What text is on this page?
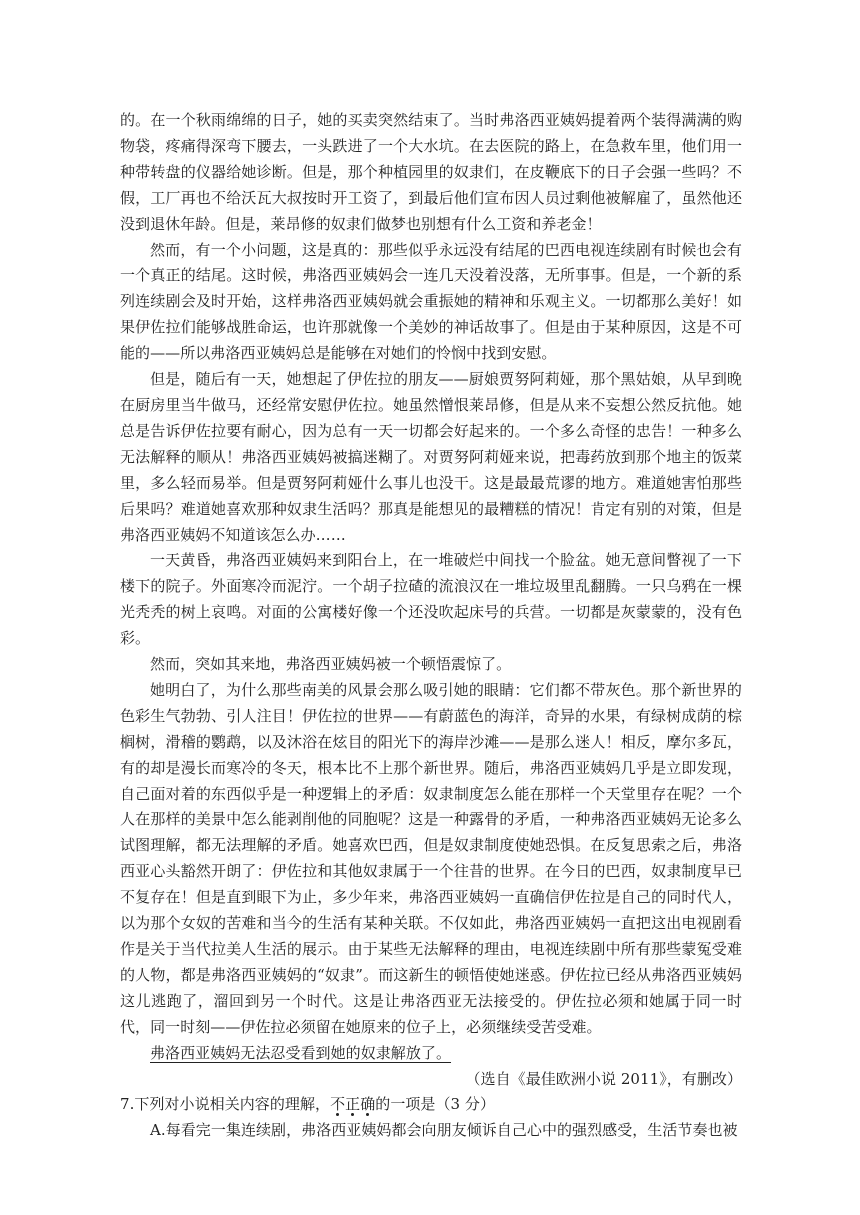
的。在一个秋雨绵绵的日子，她的买卖突然结束了。当时弗洛西亚姨妈提着两个装得满满的购物袋，疼痛得深弯下腰去，一头跌进了一个大水坑。在去医院的路上，在急救车里，他们用一种带转盘的仪器给她诊断。但是，那个种植园里的奴隶们，在皮鞭底下的日子会强一些吗？不假，工厂再也不给沃瓦大叔按时开工资了，到最后他们宣布因人员过剩他被解雇了，虽然他还没到退休年龄。但是，莱昂修的奴隶们做梦也别想有什么工资和养老金！

然而，有一个小问题，这是真的：那些似乎永远没有结尾的巴西电视连续剧有时候也会有一个真正的结尾。这时候，弗洛西亚姨妈会一连几天没着没落，无所事事。但是，一个新的系列连续剧会及时开始，这样弗洛西亚姨妈就会重振她的精神和乐观主义。一切都那么美好！如果伊佐拉们能够战胜命运，也许那就像一个美妙的神话故事了。但是由于某种原因，这是不可能的——所以弗洛西亚姨妈总是能够在对她们的怜悯中找到安慰。

但是，随后有一天，她想起了伊佐拉的朋友——厨娘贾努阿莉娅，那个黑姑娘，从早到晚在厨房里当牛做马，还经常安慰伊佐拉。她虽然憎恨莱昂修，但是从来不妄想公然反抗他。她总是告诉伊佐拉要有耐心，因为总有一天一切都会好起来的。一个多么奇怪的忠告！一种多么无法解释的顺从！弗洛西亚姨妈被搞迷糊了。对贾努阿莉娅来说，把毒药放到那个地主的饭菜里，多么轻而易举。但是贾努阿莉娅什么事儿也没干。这是最最荒谬的地方。难道她害怕那些后果吗？难道她喜欢那种奴隶生活吗？那真是能想见的最糟糕的情况！肯定有别的对策，但是弗洛西亚姨妈不知道该怎么办……

一天黄昏，弗洛西亚姨妈来到阳台上，在一堆破烂中间找一个脸盆。她无意间瞥视了一下楼下的院子。外面寒冷而泥泞。一个胡子拉碴的流浪汉在一堆垃圾里乱翻腾。一只乌鸦在一棵光秃秃的树上哀鸣。对面的公寓楼好像一个还没吹起床号的兵营。一切都是灰蒙蒙的，没有色彩。

然而，突如其来地，弗洛西亚姨妈被一个顿悟震惊了。

她明白了，为什么那些南美的风景会那么吸引她的眼睛：它们都不带灰色。那个新世界的色彩生气勃勃、引人注目！伊佐拉的世界——有蔚蓝色的海洋，奇异的水果，有绿树成荫的棕榈树，滑稽的鹦鹉，以及沐浴在炫目的阳光下的海岸沙滩——是那么迷人！相反，摩尔多瓦，有的却是漫长而寒冷的冬天，根本比不上那个新世界。随后，弗洛西亚姨妈几乎是立即发现，自己面对着的东西似乎是一种逻辑上的矛盾：奴隶制度怎么能在那样一个天堂里存在呢？一个人在那样的美景中怎么能剥削他的同胞呢？这是一种露骨的矛盾，一种弗洛西亚姨妈无论多么试图理解，都无法理解的矛盾。她喜欢巴西，但是奴隶制度使她恐惧。在反复思索之后，弗洛西亚心头豁然开朗了：伊佐拉和其他奴隶属于一个往昔的世界。在今日的巴西，奴隶制度早已不复存在！但是直到眼下为止，多少年来，弗洛西亚姨妈一直确信伊佐拉是自己的同时代人，以为那个女奴的苦难和当今的生活有某种关联。不仅如此，弗洛西亚姨妈一直把这出电视剧看作是关于当代拉美人生活的展示。由于某些无法解释的理由，电视连续剧中所有那些蒙冤受难的人物，都是弗洛西亚姨妈的“奴隶”。而这新生的顿悟使她迷惑。伊佐拉已经从弗洛西亚姨妈这儿逃跑了，溜回到另一个时代。这是让弗洛西亚无法接受的。伊佐拉必须和她属于同一时代，同一时刻——伊佐拉必须留在她原来的位子上，必须继续受苦受难。

弗洛西亚姨妈无法忍受看到她的奴隶解放了。

（选自《最佳欧洲小说 2011》，有删改）

7.下列对小说相关内容的理解，不正确的一项是（3 分）

A.每看完一集连续剧，弗洛西亚姨妈都会向朋友倾诉自己心中的强烈感受，生活节奏也被
